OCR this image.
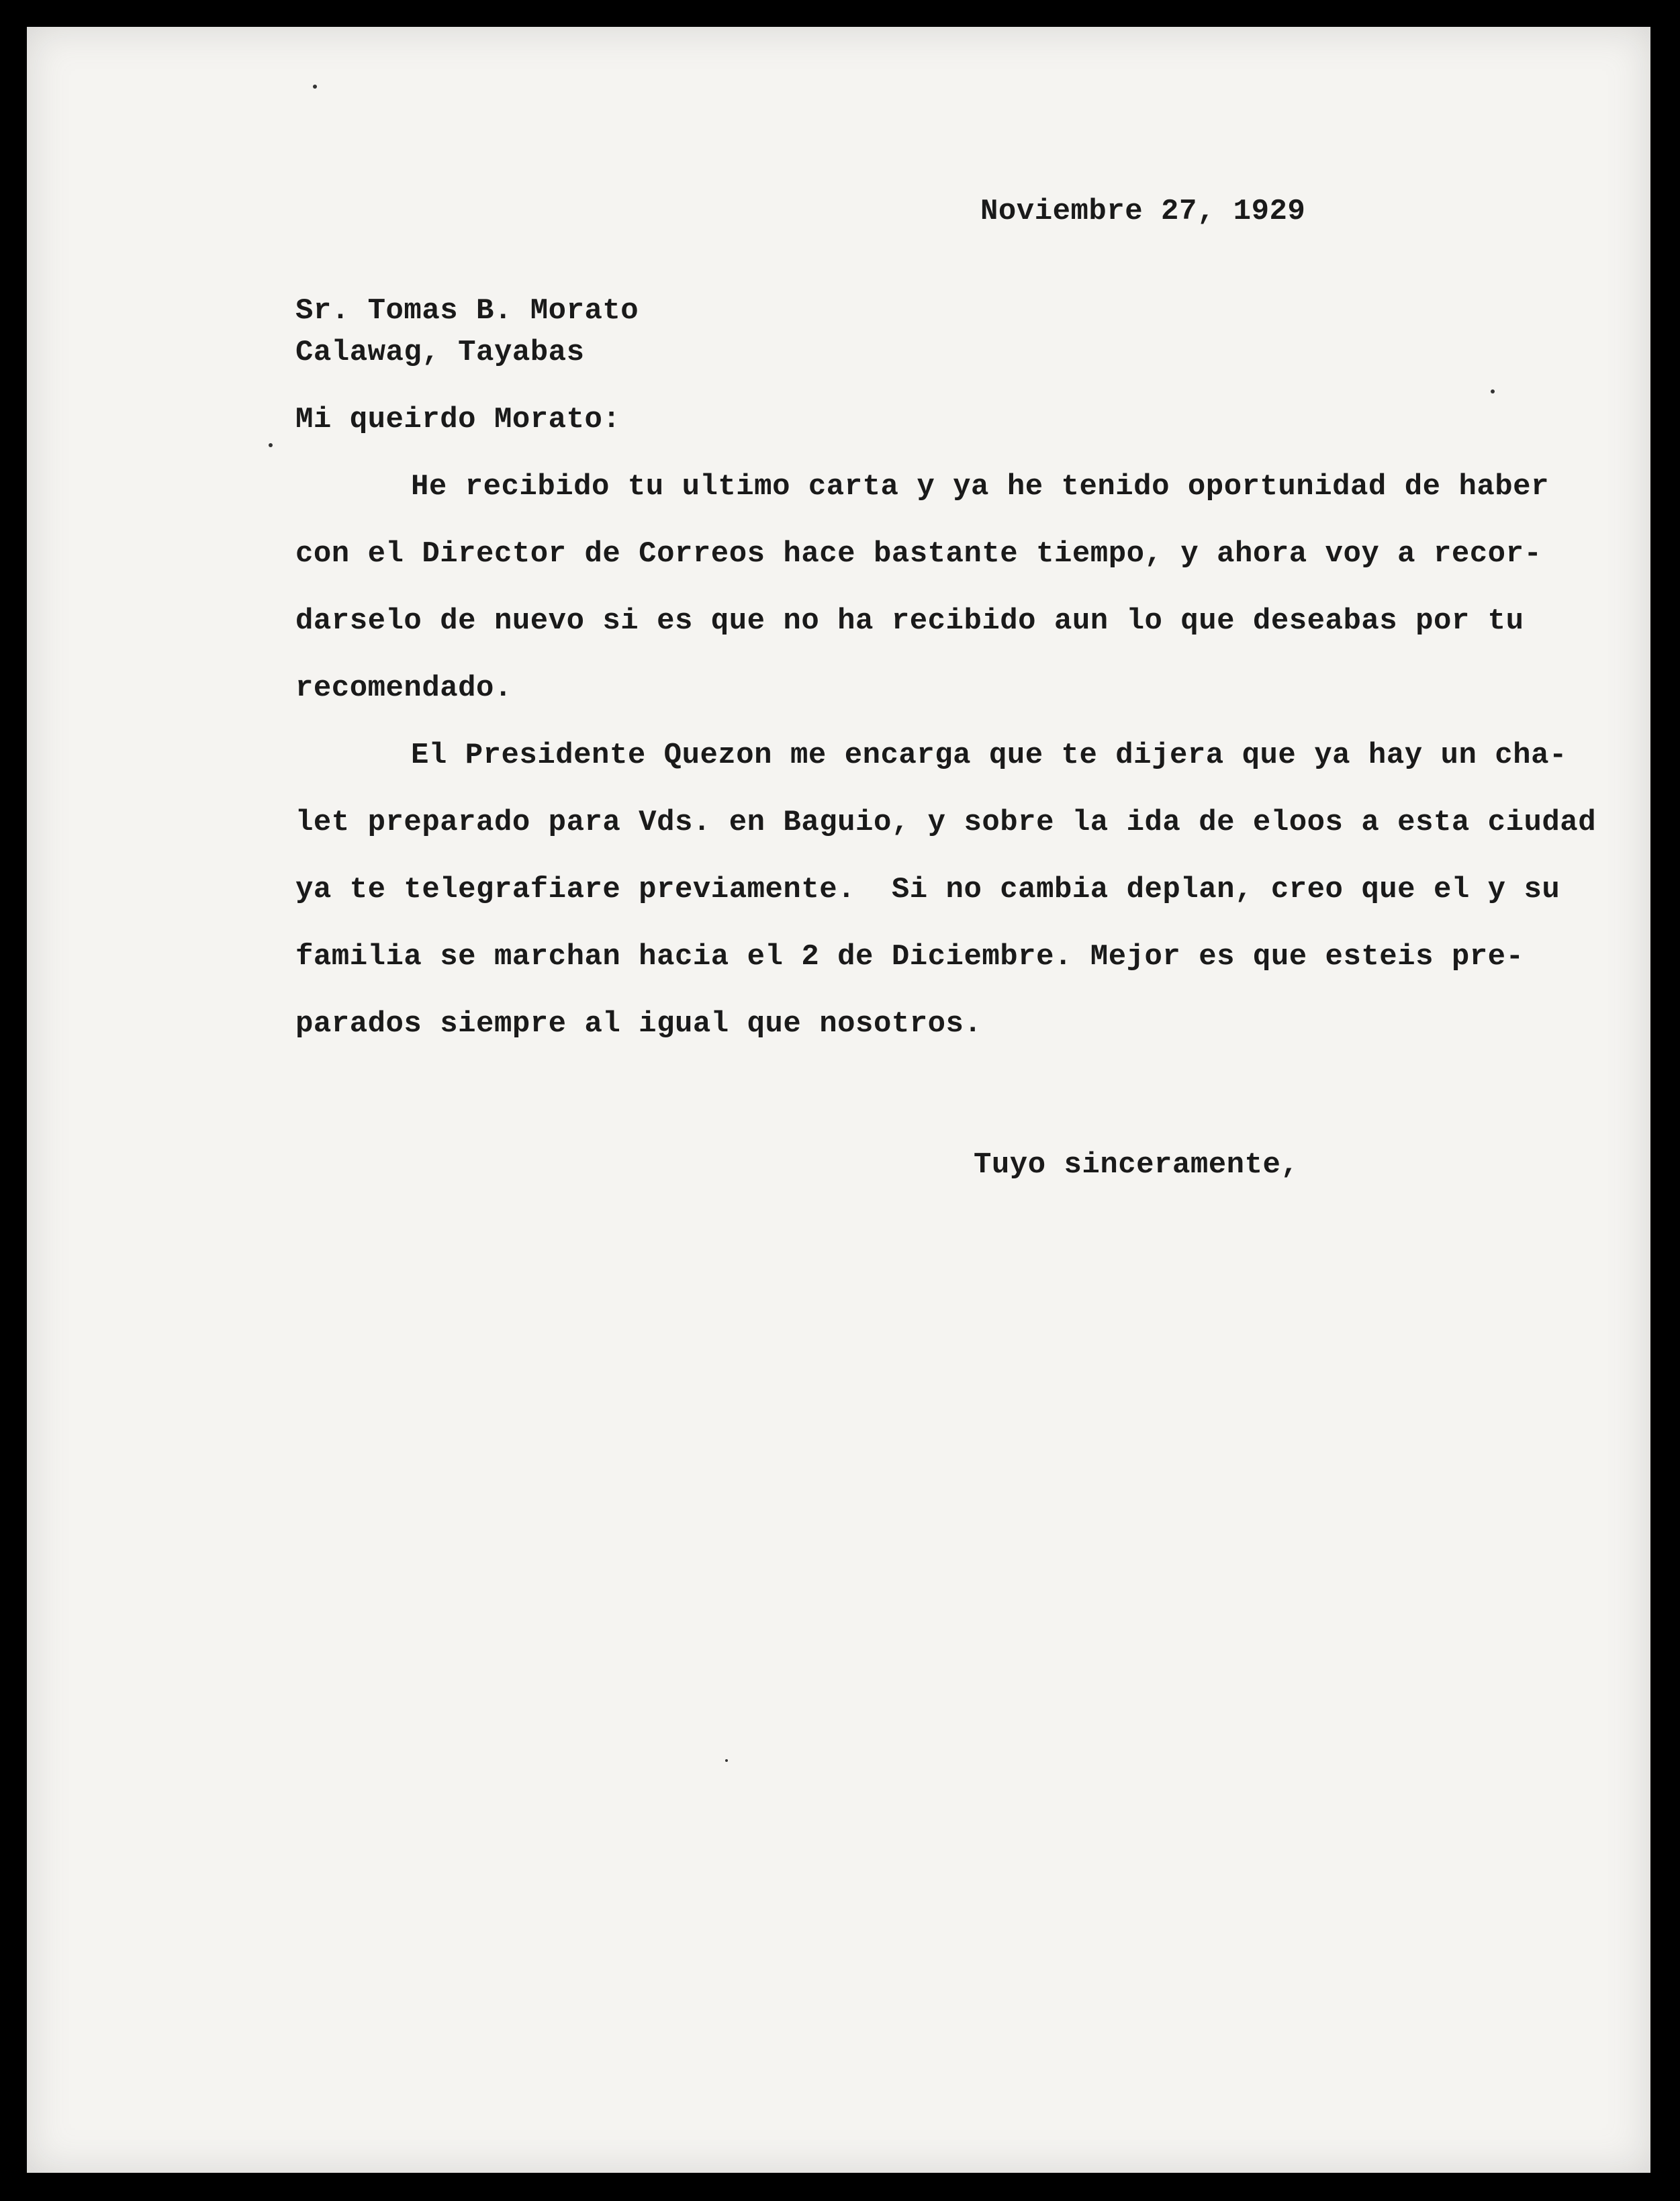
Noviembre 27, 1929
Sr. Tomas B. Morato
Calawag, Tayabas
Mi queirdo Morato:
He recibido tu ultimo carta y ya he tenido oportunidad de haber
con el Director de Correos hace bastante tiempo, y ahora voy a recor-
darselo de nuevo si es que no ha recibido aun lo que deseabas por tu
recomendado.
El Presidente Quezon me encarga que te dijera que ya hay un cha-
let preparado para Vds. en Baguio, y sobre la ida de eloos a esta ciudad
ya te telegrafiare previamente.  Si no cambia deplan, creo que el y su
familia se marchan hacia el 2 de Diciembre. Mejor es que esteis pre-
parados siempre al igual que nosotros.
Tuyo sinceramente,
